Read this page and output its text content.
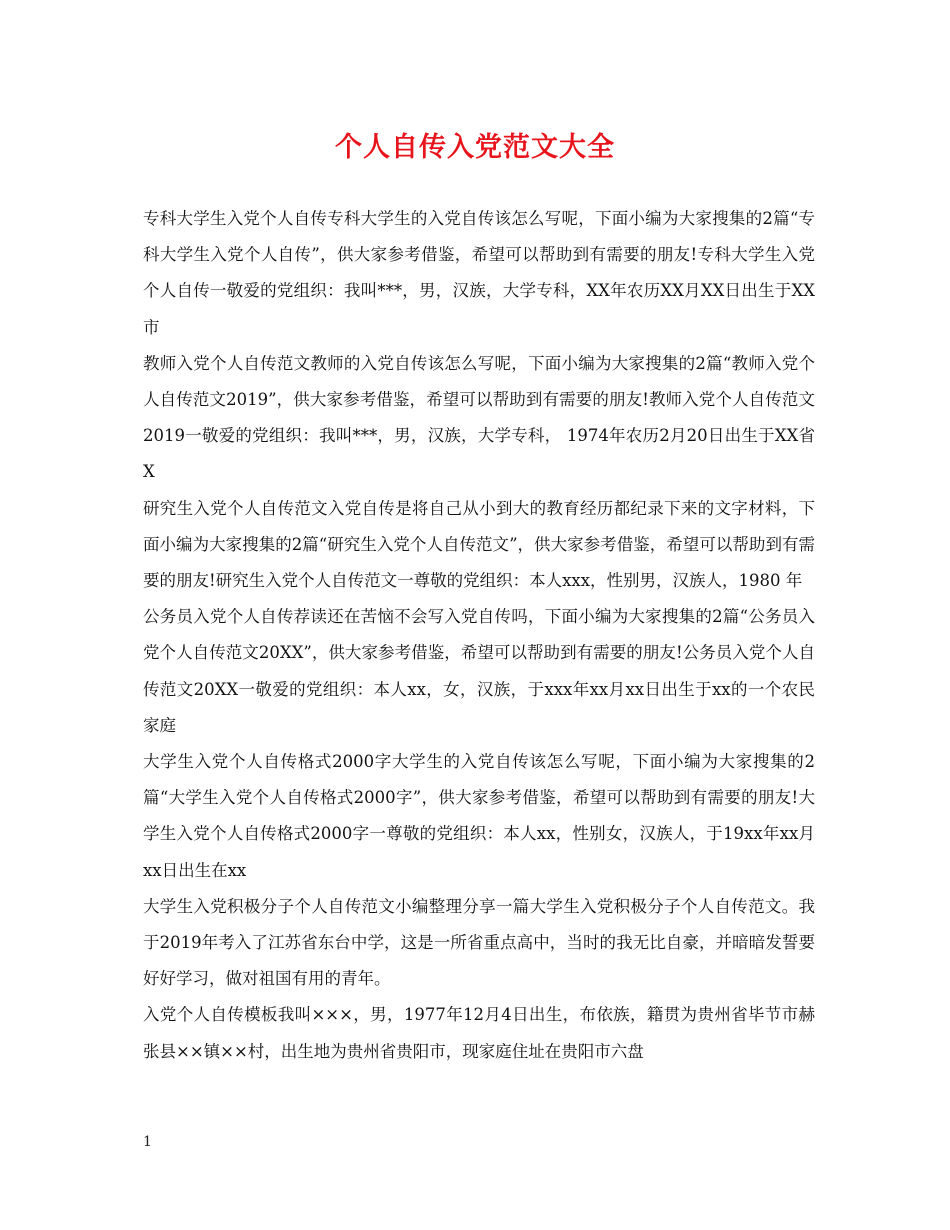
个人自传入党范文大全

专科大学生入党个人自传专科大学生的入党自传该怎么写呢，下面小编为大家搜集的2篇“专科大学生入党个人自传”，供大家参考借鉴，希望可以帮助到有需要的朋友!专科大学生入党个人自传一敬爱的党组织：我叫***，男，汉族，大学专科，XX年农历XX月XX日出生于XX市

教师入党个人自传范文教师的入党自传该怎么写呢，下面小编为大家搜集的2篇“教师入党个人自传范文2019”，供大家参考借鉴，希望可以帮助到有需要的朋友!教师入党个人自传范文2019一敬爱的党组织：我叫***，男，汉族，大学专科， 1974年农历2月20日出生于XX省X

研究生入党个人自传范文入党自传是将自己从小到大的教育经历都纪录下来的文字材料，下面小编为大家搜集的2篇“研究生入党个人自传范文”，供大家参考借鉴，希望可以帮助到有需要的朋友!研究生入党个人自传范文一尊敬的党组织：本人xxx，性别男，汉族人，1980 年

公务员入党个人自传荐读还在苦恼不会写入党自传吗，下面小编为大家搜集的2篇“公务员入党个人自传范文20XX”，供大家参考借鉴，希望可以帮助到有需要的朋友!公务员入党个人自传范文20XX一敬爱的党组织：本人xx，女，汉族，于xxx年xx月xx日出生于xx的一个农民家庭

大学生入党个人自传格式2000字大学生的入党自传该怎么写呢，下面小编为大家搜集的2篇“大学生入党个人自传格式2000字”，供大家参考借鉴，希望可以帮助到有需要的朋友!大学生入党个人自传格式2000字一尊敬的党组织：本人xx，性别女，汉族人，于19xx年xx月xx日出生在xx

大学生入党积极分子个人自传范文小编整理分享一篇大学生入党积极分子个人自传范文。我于2019年考入了江苏省东台中学，这是一所省重点高中，当时的我无比自豪，并暗暗发誓要好好学习，做对祖国有用的青年。

入党个人自传模板我叫×××，男，1977年12月4日出生，布依族，籍贯为贵州省毕节市赫张县××镇××村，出生地为贵州省贵阳市，现家庭住址在贵阳市六盘

1
